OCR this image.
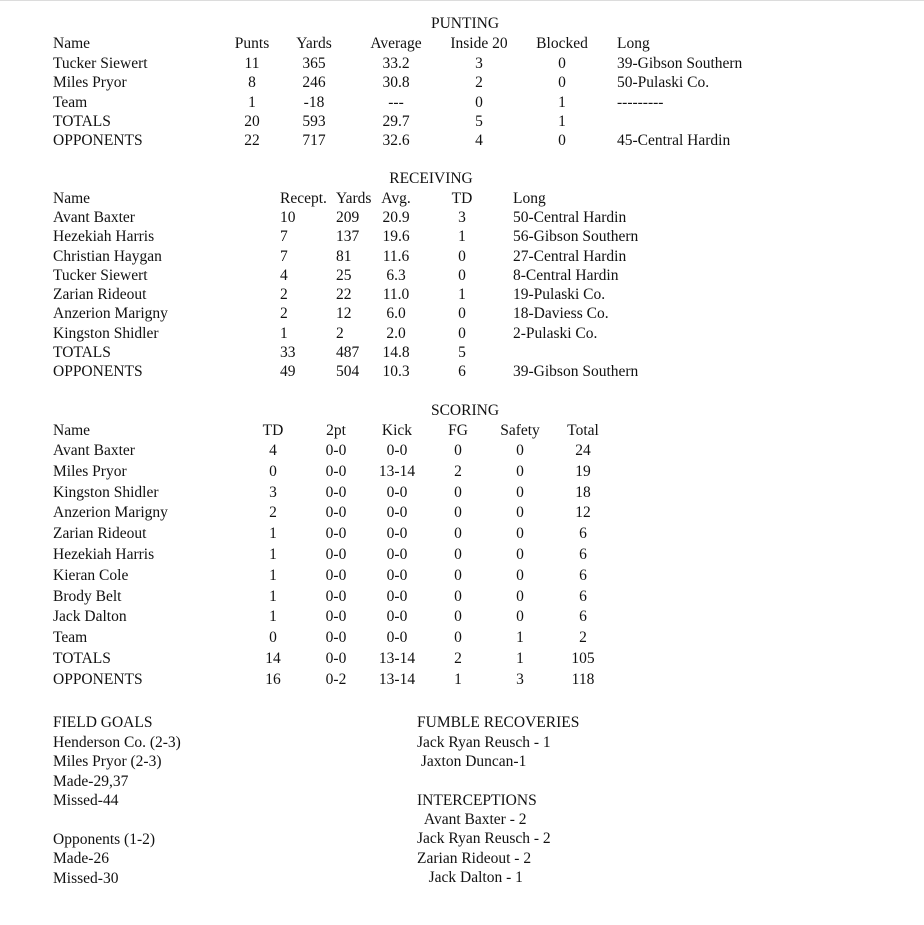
PUNTING
Name	Punts Yards Average Inside 20 Blocked Long
Tucker Siewert	11	365	33.2	3	0	39-Gibson Southern
Miles Pryor	8	246	30.8	2	0	50-Pulaski Co.
Team	1	-18	---	0	1	---------
TOTALS	20	593	29.7	5	1
OPPONENTS	22	717	32.6	4	0	45-Central Hardin
RECEIVING
Name	Recept. Yards Avg.	TD	Long
Avant Baxter	10	209 20.9	3	50-Central Hardin
Hezekiah Harris	7	137 19.6	1	56-Gibson Southern
Christian Haygan	7	81 11.6	0	27-Central Hardin
Tucker Siewert	4	25 6.3	0	8-Central Hardin
Zarian Rideout	2	22 11.0	1	19-Pulaski Co.
Anzerion Marigny	2	12 6.0	0	18-Daviess Co.
Kingston Shidler	1	2	2.0	0	2-Pulaski Co.
TOTALS	33	487 14.8	5
OPPONENTS	49	504 10.3	6	39-Gibson Southern
SCORING
Name	TD	2pt Kick FG Safety Total
Avant Baxter	4	0-0	0-0	0	0	24
Miles Pryor	0	0-0 13-14	2	0	19
Kingston Shidler	3	0-0	0-0	0	0	18
Anzerion Marigny	2	0-0	0-0	0	0	12
Zarian Rideout	1	0-0	0-0	0	0	6
Hezekiah Harris	1	0-0	0-0	0	0	6
Kieran Cole	1	0-0	0-0	0	0	6
Brody Belt	1	0-0	0-0	0	0	6
Jack Dalton	1	0-0	0-0	0	0	6
Team	0	0-0	0-0	0	1	2
TOTALS	14	0-0 13-14	2	1	105
OPPONENTS	16	0-2 13-14	1	3	118
FIELD GOALS
Henderson Co. (2-3)
Miles Pryor (2-3)
Made-29,37
Missed-44
Opponents (1-2)
Made-26
Missed-30
FUMBLE RECOVERIES
Jack Ryan Reusch - 1
Jaxton Duncan-1
INTERCEPTIONS
Avant Baxter - 2
Jack Ryan Reusch - 2
Zarian Rideout - 2
Jack Dalton - 1
